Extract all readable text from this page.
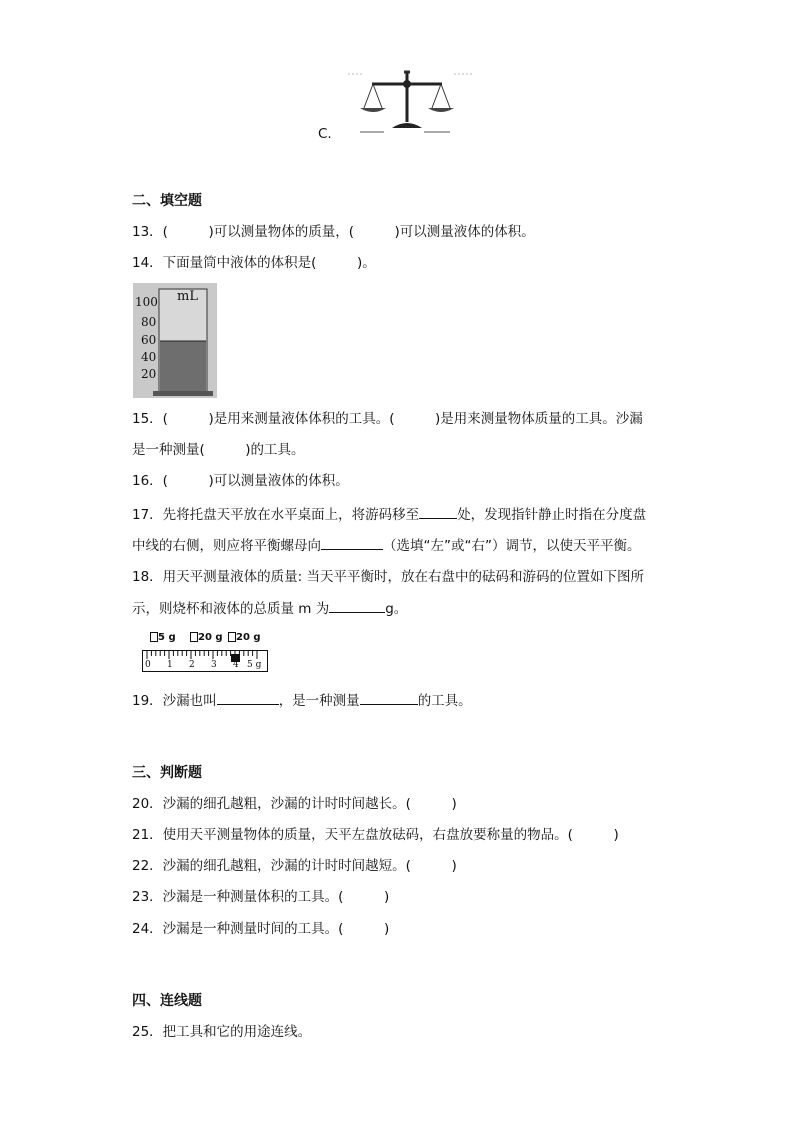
C.
二、填空题
13．(　　　)可以测量物体的质量，(　　　)可以测量液体的体积。
14．下面量筒中液体的体积是(　　　)。
mL
100
80
60
40
20
15．(　　　)是用来测量液体体积的工具。(　　　)是用来测量物体质量的工具。沙漏
是一种测量(　　　)的工具。
16．(　　　)可以测量液体的体积。
17．先将托盘天平放在水平桌面上，将游码移至	处，发现指针静止时指在分度盘
中线的右侧，则应将平衡螺母向	（选填“左”或“右”）调节，以使天平平衡。
18．用天平测量液体的质量: 当天平平衡时，放在右盘中的砝码和游码的位置如下图所
示，则烧杯和液体的总质量 m 为	g。
5 g	20 g	20 g
0 1 2 3 4 5 g
19．沙漏也叫	，是一种测量	的工具。
三、判断题
20．沙漏的细孔越粗，沙漏的计时时间越长。(　　　)
21．使用天平测量物体的质量，天平左盘放砝码，右盘放要称量的物品。(　　　)
22．沙漏的细孔越粗，沙漏的计时时间越短。(　　　)
23．沙漏是一种测量体积的工具。(　　　)
24．沙漏是一种测量时间的工具。(　　　)
四、连线题
25．把工具和它的用途连线。
